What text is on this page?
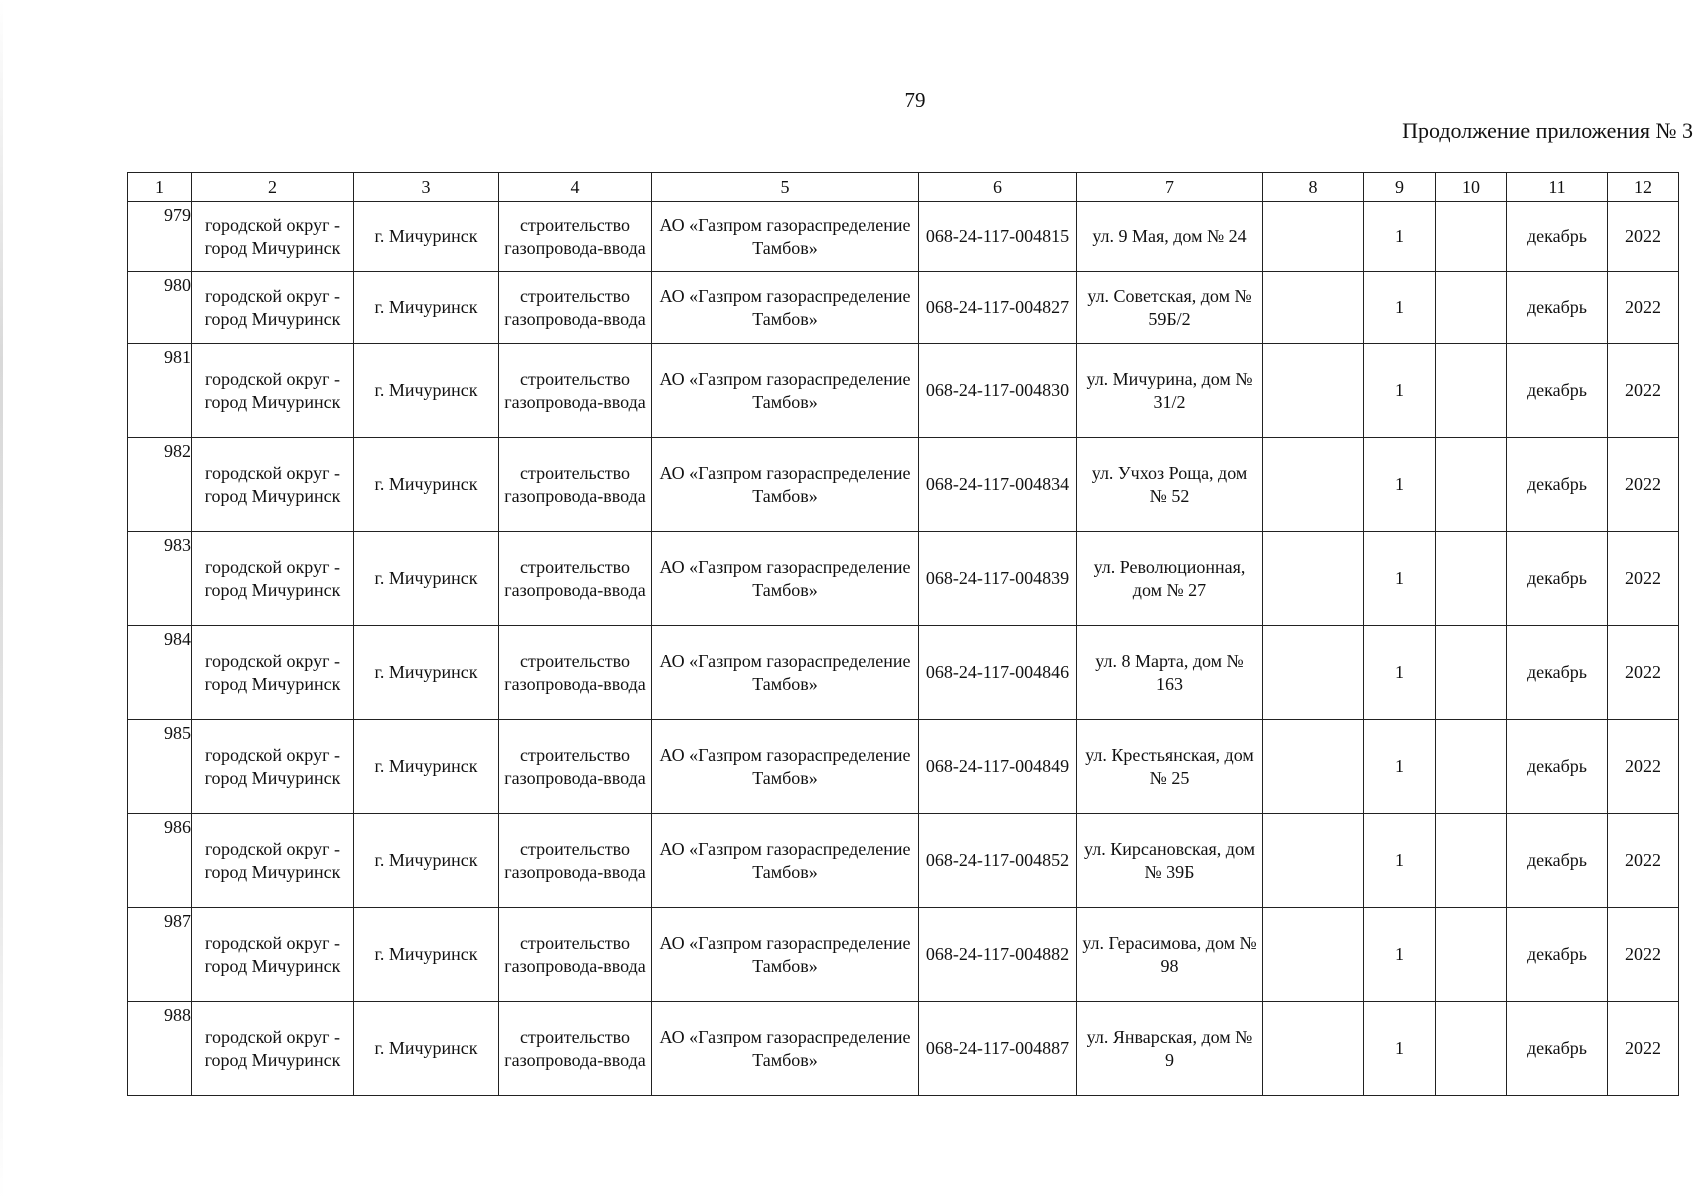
79
Продолжение приложения № 3
1	2	3	4	5	6	7	8	9	10	11	12
979	городской округ - город Мичуринск	г. Мичуринск	строительство газопровода-ввода	АО «Газпром газораспределение Тамбов»	068-24-117-004815	ул. 9 Мая, дом № 24		1		декабрь	2022
980	городской округ - город Мичуринск	г. Мичуринск	строительство газопровода-ввода	АО «Газпром газораспределение Тамбов»	068-24-117-004827	ул. Советская, дом № 59Б/2		1		декабрь	2022
981	городской округ - город Мичуринск	г. Мичуринск	строительство газопровода-ввода	АО «Газпром газораспределение Тамбов»	068-24-117-004830	ул. Мичурина, дом № 31/2		1		декабрь	2022
982	городской округ - город Мичуринск	г. Мичуринск	строительство газопровода-ввода	АО «Газпром газораспределение Тамбов»	068-24-117-004834	ул. Учхоз Роща, дом № 52		1		декабрь	2022
983	городской округ - город Мичуринск	г. Мичуринск	строительство газопровода-ввода	АО «Газпром газораспределение Тамбов»	068-24-117-004839	ул. Революционная, дом № 27		1		декабрь	2022
984	городской округ - город Мичуринск	г. Мичуринск	строительство газопровода-ввода	АО «Газпром газораспределение Тамбов»	068-24-117-004846	ул. 8 Марта, дом № 163		1		декабрь	2022
985	городской округ - город Мичуринск	г. Мичуринск	строительство газопровода-ввода	АО «Газпром газораспределение Тамбов»	068-24-117-004849	ул. Крестьянская, дом № 25		1		декабрь	2022
986	городской округ - город Мичуринск	г. Мичуринск	строительство газопровода-ввода	АО «Газпром газораспределение Тамбов»	068-24-117-004852	ул. Кирсановская, дом № 39Б		1		декабрь	2022
987	городской округ - город Мичуринск	г. Мичуринск	строительство газопровода-ввода	АО «Газпром газораспределение Тамбов»	068-24-117-004882	ул. Герасимова, дом № 98		1		декабрь	2022
988	городской округ - город Мичуринск	г. Мичуринск	строительство газопровода-ввода	АО «Газпром газораспределение Тамбов»	068-24-117-004887	ул. Январская, дом № 9		1		декабрь	2022
